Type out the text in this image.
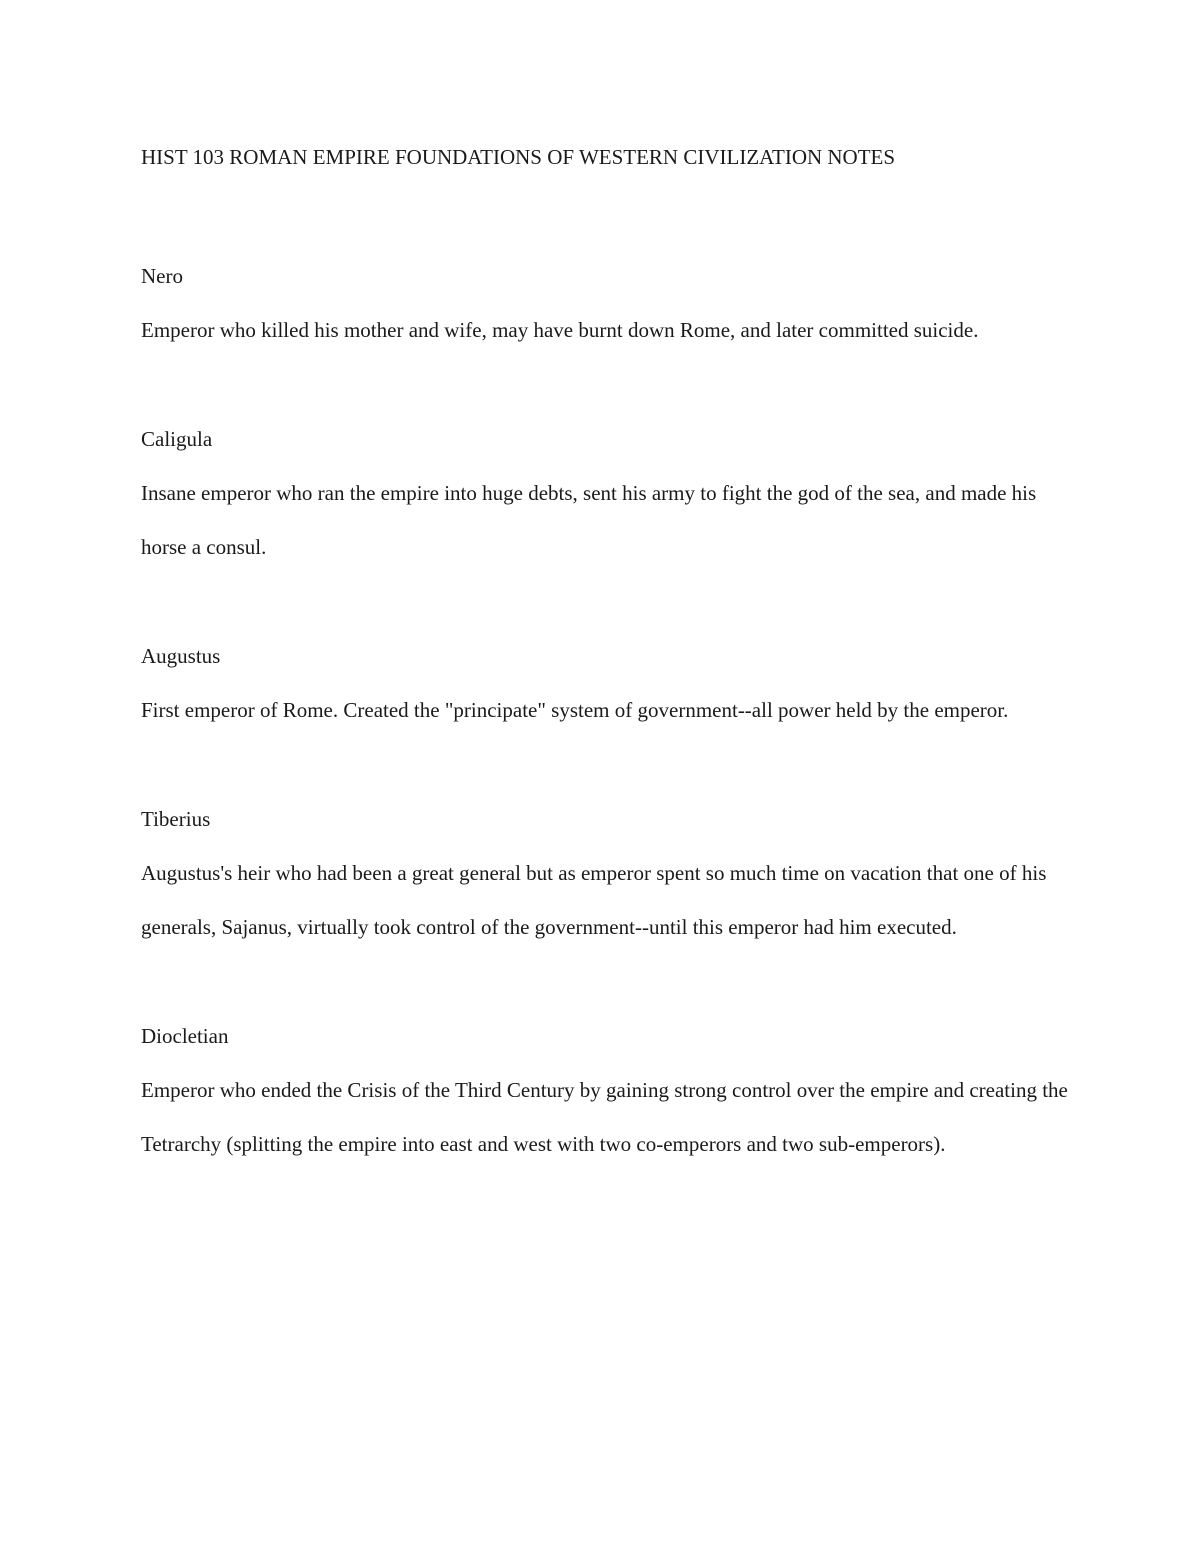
HIST 103 ROMAN EMPIRE FOUNDATIONS OF WESTERN CIVILIZATION NOTES

Nero

Emperor who killed his mother and wife, may have burnt down Rome, and later committed suicide.

Caligula

Insane emperor who ran the empire into huge debts, sent his army to fight the god of the sea, and made his horse a consul.

Augustus

First emperor of Rome. Created the "principate" system of government--all power held by the emperor.

Tiberius

Augustus's heir who had been a great general but as emperor spent so much time on vacation that one of his generals, Sajanus, virtually took control of the government--until this emperor had him executed.

Diocletian

Emperor who ended the Crisis of the Third Century by gaining strong control over the empire and creating the Tetrarchy (splitting the empire into east and west with two co-emperors and two sub-emperors).
